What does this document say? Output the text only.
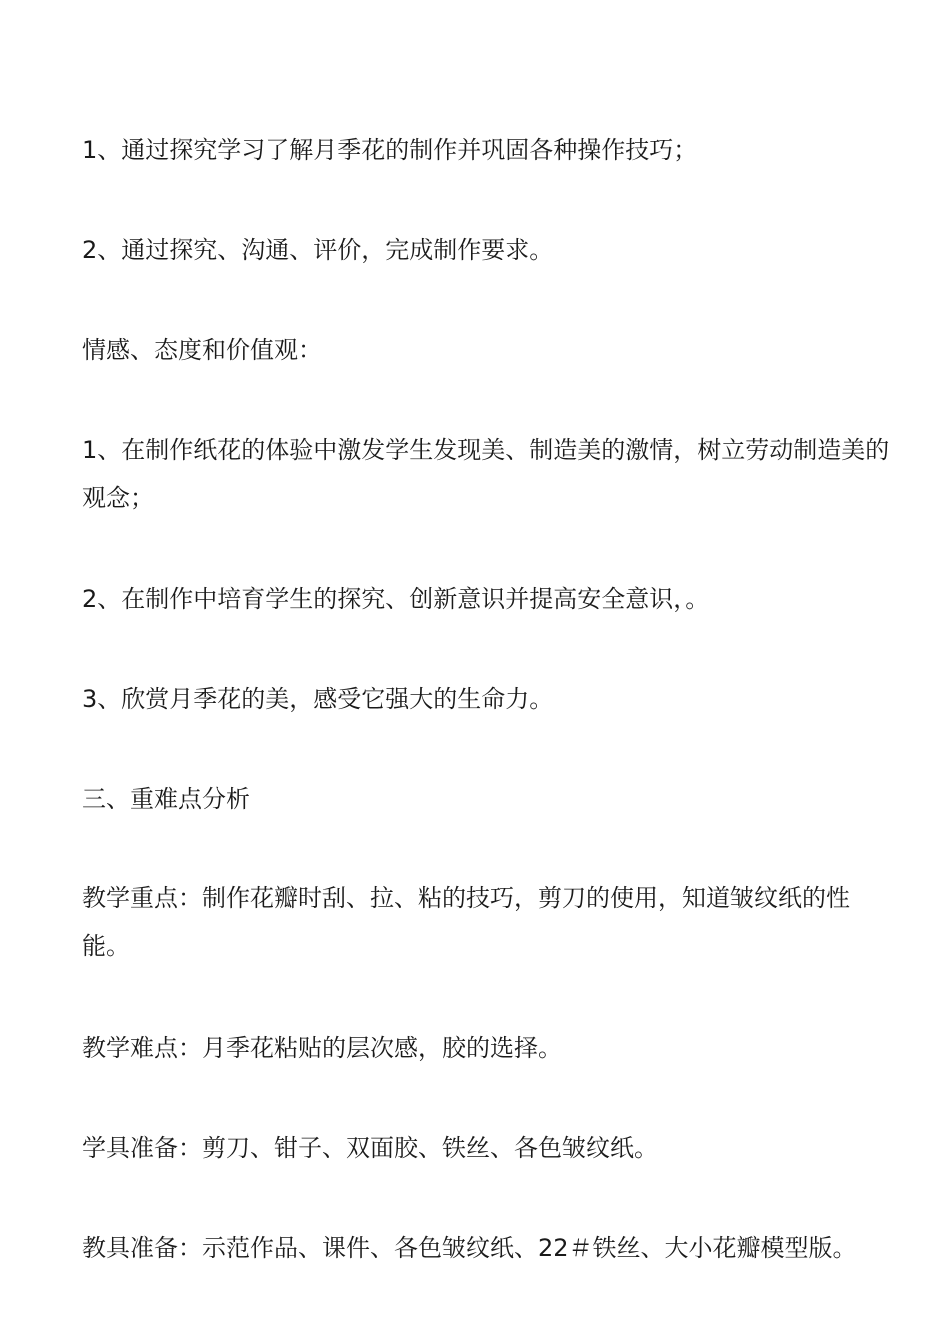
1、通过探究学习了解月季花的制作并巩固各种操作技巧；

2、通过探究、沟通、评价，完成制作要求。

情感、态度和价值观：

1、在制作纸花的体验中激发学生发现美、制造美的激情，树立劳动制造美的观念；

2、在制作中培育学生的探究、创新意识并提高安全意识，。

3、欣赏月季花的美，感受它强大的生命力。

三、重难点分析

教学重点：制作花瓣时刮、拉、粘的技巧，剪刀的使用，知道皱纹纸的性能。

教学难点：月季花粘贴的层次感，胶的选择。

学具准备：剪刀、钳子、双面胶、铁丝、各色皱纹纸。

教具准备：示范作品、课件、各色皱纹纸、22＃铁丝、大小花瓣模型版。
